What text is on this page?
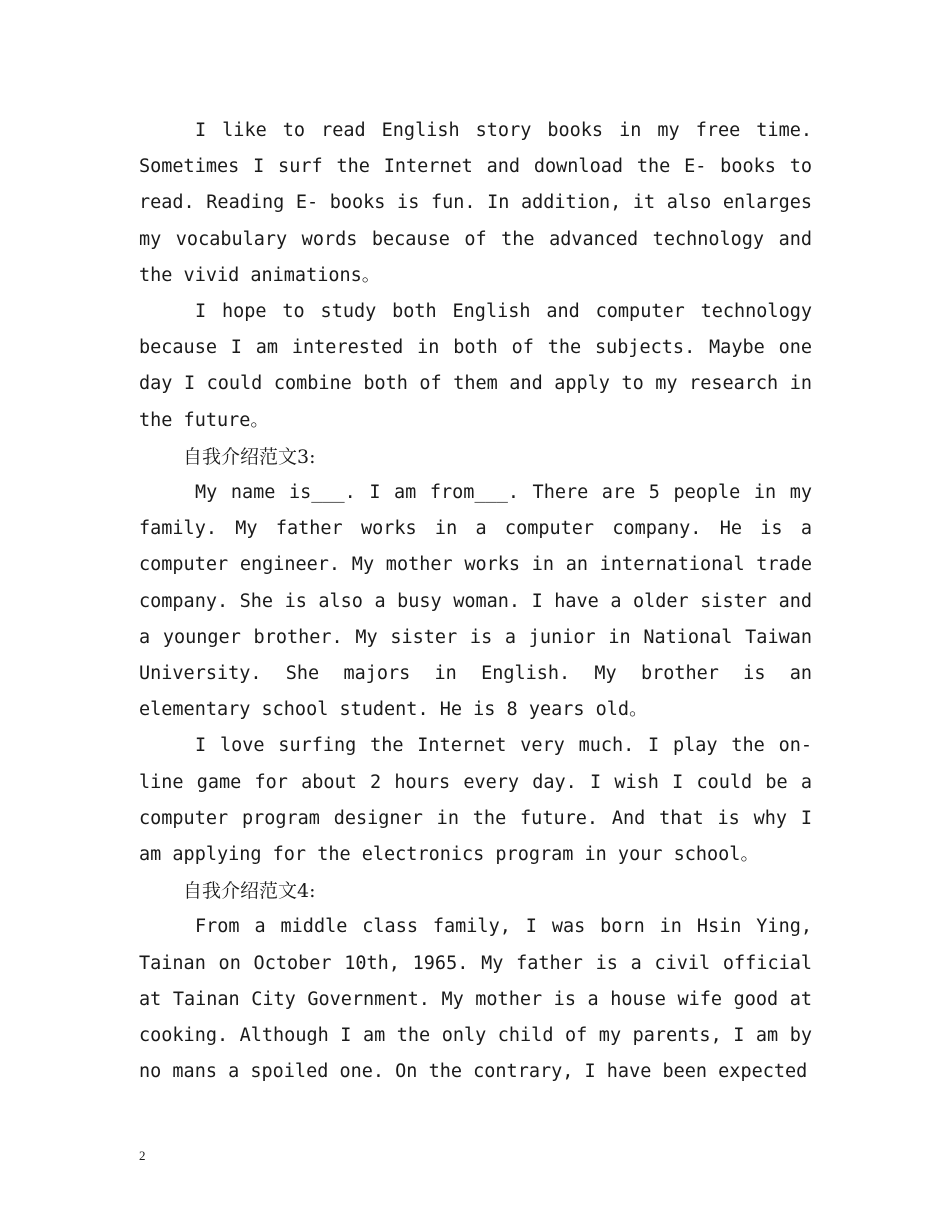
I like to read English story books in my free time. Sometimes I surf the Internet and download the E- books to read. Reading E- books is fun. In addition, it also enlarges my vocabulary words because of the advanced technology and the vivid animations。

I hope to study both English and computer technology because I am interested in both of the subjects. Maybe one day I could combine both of them and apply to my research in the future。

自我介绍范文3:

My name is___. I am from___. There are 5 people in my family. My father works in a computer company. He is a computer engineer. My mother works in an international trade company. She is also a busy woman. I have a older sister and a younger brother. My sister is a junior in National Taiwan University. She majors in English. My brother is an elementary school student. He is 8 years old。

I love surfing the Internet very much. I play the on-line game for about 2 hours every day. I wish I could be a computer program designer in the future. And that is why I am applying for the electronics program in your school。

自我介绍范文4:

From a middle class family, I was born in Hsin Ying, Tainan on October 10th, 1965. My father is a civil official at Tainan City Government. My mother is a house wife good at cooking. Although I am the only child of my parents, I am by no mans a spoiled one. On the contrary, I have been expected

2
